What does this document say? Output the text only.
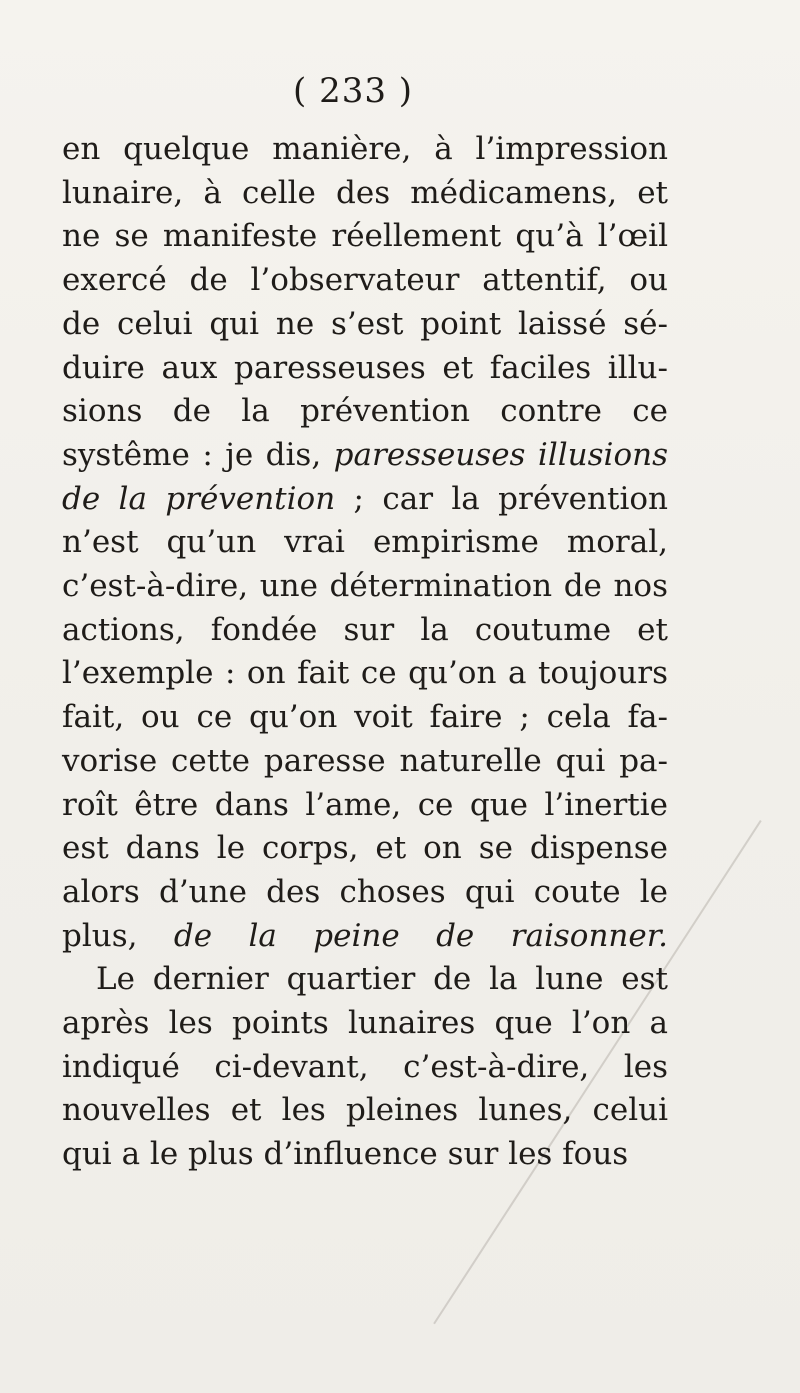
( 233 )
en quelque manière, à l’impression
lunaire, à celle des médicamens, et
ne se manifeste réellement qu’à l’œil
exercé de l’observateur attentif, ou
de celui qui ne s’est point laissé sé-
duire aux paresseuses et faciles illu-
sions de la prévention contre ce
systême : je dis, paresseuses illusions
de la prévention ; car la prévention
n’est qu’un vrai empirisme moral,
c’est-à-dire, une détermination de nos
actions, fondée sur la coutume et
l’exemple : on fait ce qu’on a toujours
fait, ou ce qu’on voit faire ; cela fa-
vorise cette paresse naturelle qui pa-
roît être dans l’ame, ce que l’inertie
est dans le corps, et on se dispense
alors d’une des choses qui coute le
plus, de la peine de raisonner.
Le dernier quartier de la lune est
après les points lunaires que l’on a
indiqué ci-devant, c’est-à-dire, les
nouvelles et les pleines lunes, celui
qui a le plus d’influence sur les fous
